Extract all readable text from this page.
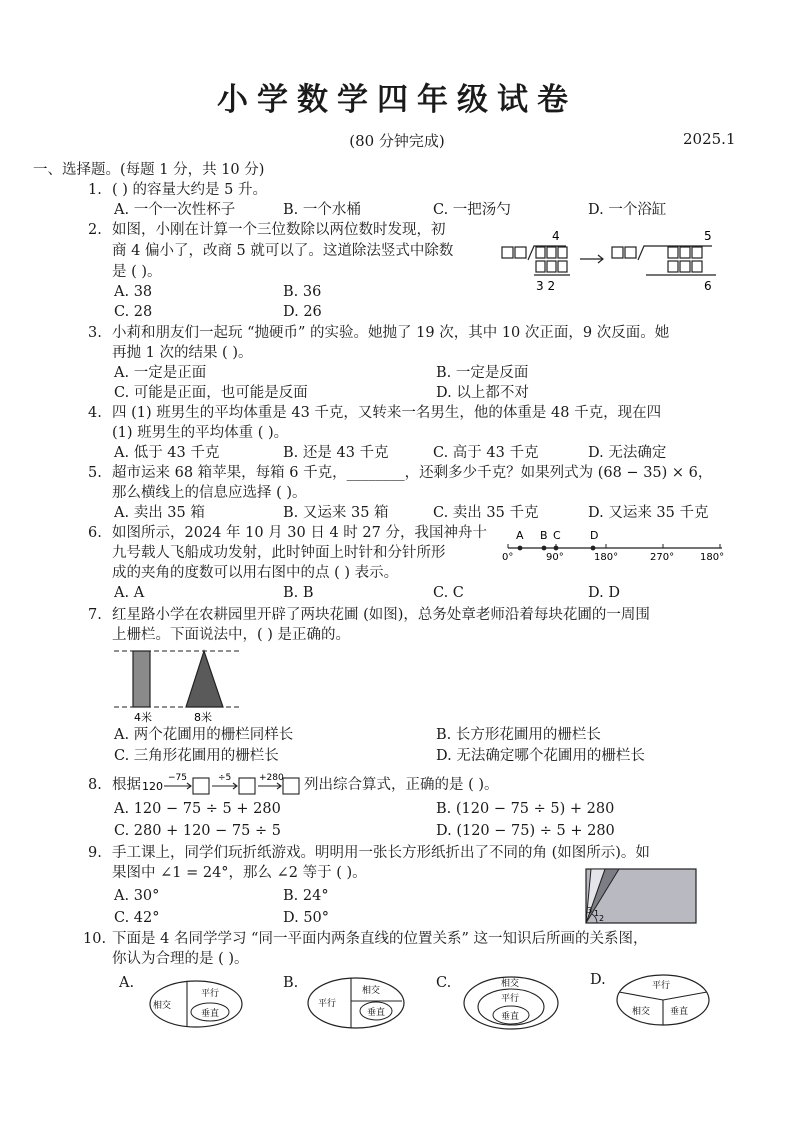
小学数学四年级试卷
(80 分钟完成)	2025.1
一、选择题。(每题 1 分，共 10 分)
1. ( ) 的容量大约是 5 升。
A. 一个一次性杯子	B. 一个水桶	C. 一把汤勺	D. 一个浴缸
2. 如图，小刚在计算一个三位数除以两位数时发现，初
商 4 偏小了，改商 5 就可以了。这道除法竖式中除数
是 ( )。
A. 38	B. 36
C. 28	D. 26
4
3 2
5
6
3. 小莉和朋友们一起玩 “抛硬币” 的实验。她抛了 19 次，其中 10 次正面，9 次反面。她
再抛 1 次的结果 ( )。
A. 一定是正面	B. 一定是反面
C. 可能是正面，也可能是反面	D. 以上都不对
4. 四 (1) 班男生的平均体重是 43 千克，又转来一名男生，他的体重是 48 千克，现在四
(1) 班男生的平均体重 ( )。
A. 低于 43 千克	B. 还是 43 千克	C. 高于 43 千克	D. 无法确定
5. 超市运来 68 箱苹果，每箱 6 千克，________，还剩多少千克？如果列式为 (68 − 35) × 6，
那么横线上的信息应选择 ( )。
A. 卖出 35 箱	B. 又运来 35 箱	C. 卖出 35 千克	D. 又运来 35 千克
6. 如图所示，2024 年 10 月 30 日 4 时 27 分，我国神舟十
九号载人飞船成功发射，此时钟面上时针和分针所形
成的夹角的度数可以用右图中的点 ( ) 表示。
A. A	B. B	C. C	D. D
A B C	D
0°	90°	180°	270°	180°
7. 红星路小学在农耕园里开辟了两块花圃 (如图)，总务处章老师沿着每块花圃的一周围
上栅栏。下面说法中，( ) 是正确的。
4米	8米
A. 两个花圃用的栅栏同样长	B. 长方形花圃用的栅栏长
C. 三角形花圃用的栅栏长	D. 无法确定哪个花圃用的栅栏长
8. 根据 120
−75	÷5	+280 列出综合算式，正确的是 ( )。
A. 120 − 75 ÷ 5 + 280	B. (120 − 75 ÷ 5) + 280
C. 280 + 120 − 75 ÷ 5	D. (120 − 75) ÷ 5 + 280
9. 手工课上，同学们玩折纸游戏。明明用一张长方形纸折出了不同的角 (如图所示)。如
果图中 ∠1 = 24°，那么 ∠2 等于 ( )。
A. 30°	B. 24°
C. 42°	D. 50°	3 1
2
10. 下面是 4 名同学学习 “同一平面内两条直线的位置关系” 这一知识后所画的关系图，
你认为合理的是 ( )。
A.	B.	C.	D.
相交
平行
垂直
平行
相交
垂直
相交
平行
垂直
平行
相交 垂直
